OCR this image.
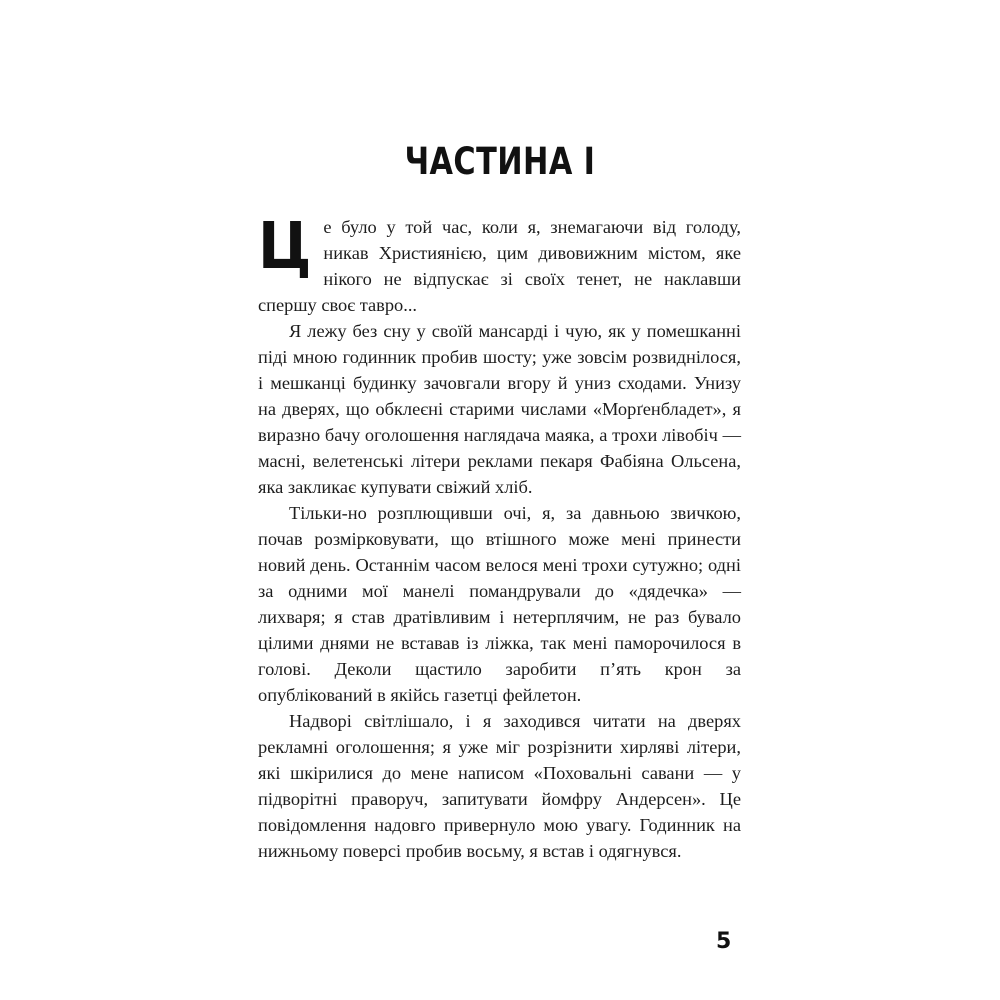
ЧАСТИНА І

Це було у той час, коли я, знемагаючи від голоду, никав Християнією, цим дивовижним містом, яке нікого не відпускає зі своїх тенет, не наклавши спершу своє тавро...

Я лежу без сну у своїй мансарді і чую, як у помешканні піді мною годинник пробив шосту; уже зовсім розвиднілося, і мешканці будинку зачовгали вгору й униз сходами. Унизу на дверях, що обклеєні старими числами «Морґенбладет», я виразно бачу оголошення наглядача маяка, а трохи лівобіч — масні, велетенські літери реклами пекаря Фабіяна Ольсена, яка закликає купувати свіжий хліб.

Тільки-но розплющивши очі, я, за давньою звичкою, почав розмірковувати, що втішного може мені принести новий день. Останнім часом велося мені трохи сутужно; одні за одними мої манелі помандрували до «дядечка» — лихваря; я став дратівливим і нетерплячим, не раз бувало цілими днями не вставав із ліжка, так мені паморочилося в голові. Деколи щастило заробити п’ять крон за опублікований в якійсь газетці фейлетон.

Надворі світлішало, і я заходився читати на дверях рекламні оголошення; я уже міг розрізнити хирляві літери, які шкірилися до мене написом «Поховальні савани — у підворітні праворуч, запитувати йомфру Андерсен». Це повідомлення надовго привернуло мою увагу. Годинник на нижньому поверсі пробив восьму, я встав і одягнувся.

5
